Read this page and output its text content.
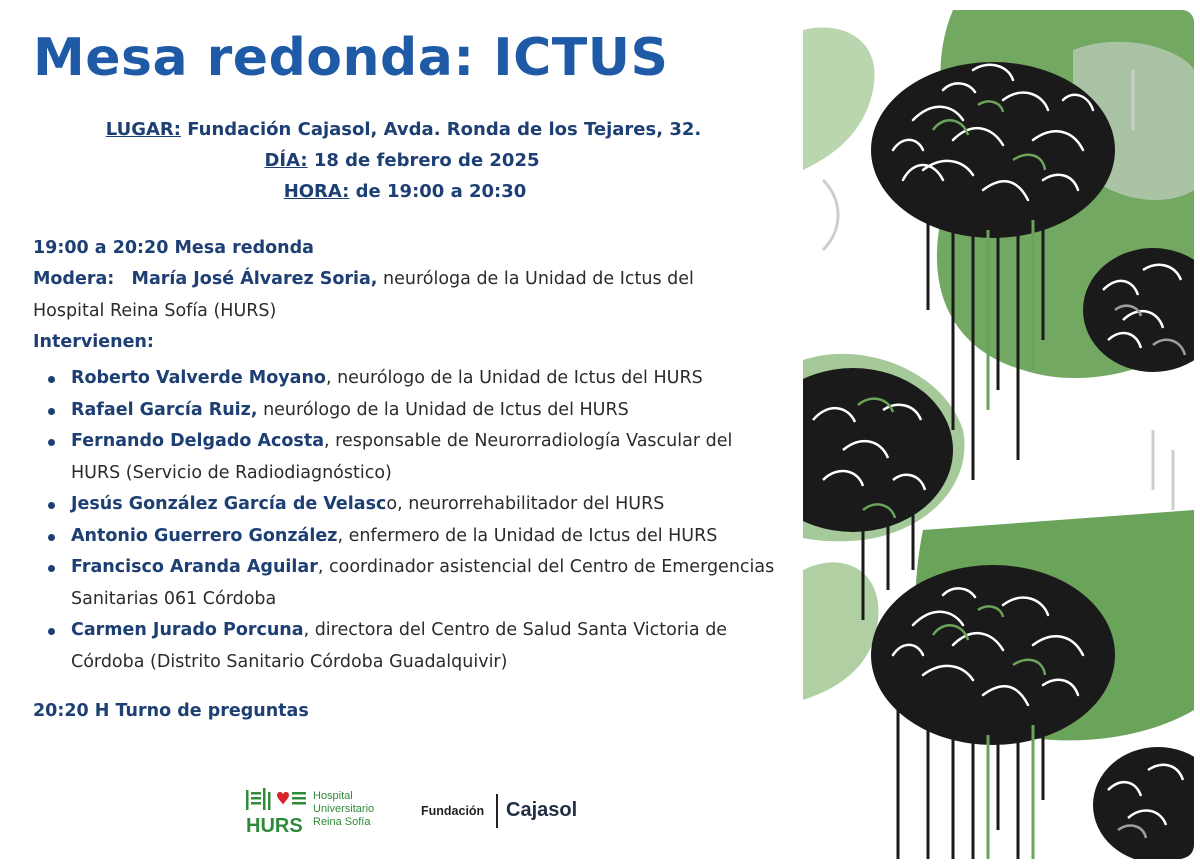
Mesa redonda: ICTUS
LUGAR: Fundación Cajasol, Avda. Ronda de los Tejares, 32.
DÍA: 18 de febrero de 2025
HORA: de 19:00 a 20:30
19:00 a 20:20 Mesa redonda
Modera: María José Álvarez Soria, neuróloga de la Unidad de Ictus del Hospital Reina Sofía (HURS)
Intervienen:
Roberto Valverde Moyano, neurólogo de la Unidad de Ictus del HURS
Rafael García Ruiz, neurólogo de la Unidad de Ictus del HURS
Fernando Delgado Acosta, responsable de Neurorradiología Vascular del HURS (Servicio de Radiodiagnóstico)
Jesús González García de Velasco, neurorrehabilitador del HURS
Antonio Guerrero González, enfermero de la Unidad de Ictus del HURS
Francisco Aranda Aguilar, coordinador asistencial del Centro de Emergencias Sanitarias 061 Córdoba
Carmen Jurado Porcuna, directora del Centro de Salud Santa Victoria de Córdoba (Distrito Sanitario Córdoba Guadalquivir)
20:20 H Turno de preguntas
HURS
Hospital
Universitario
Reina Sofía
Fundación Cajasol
